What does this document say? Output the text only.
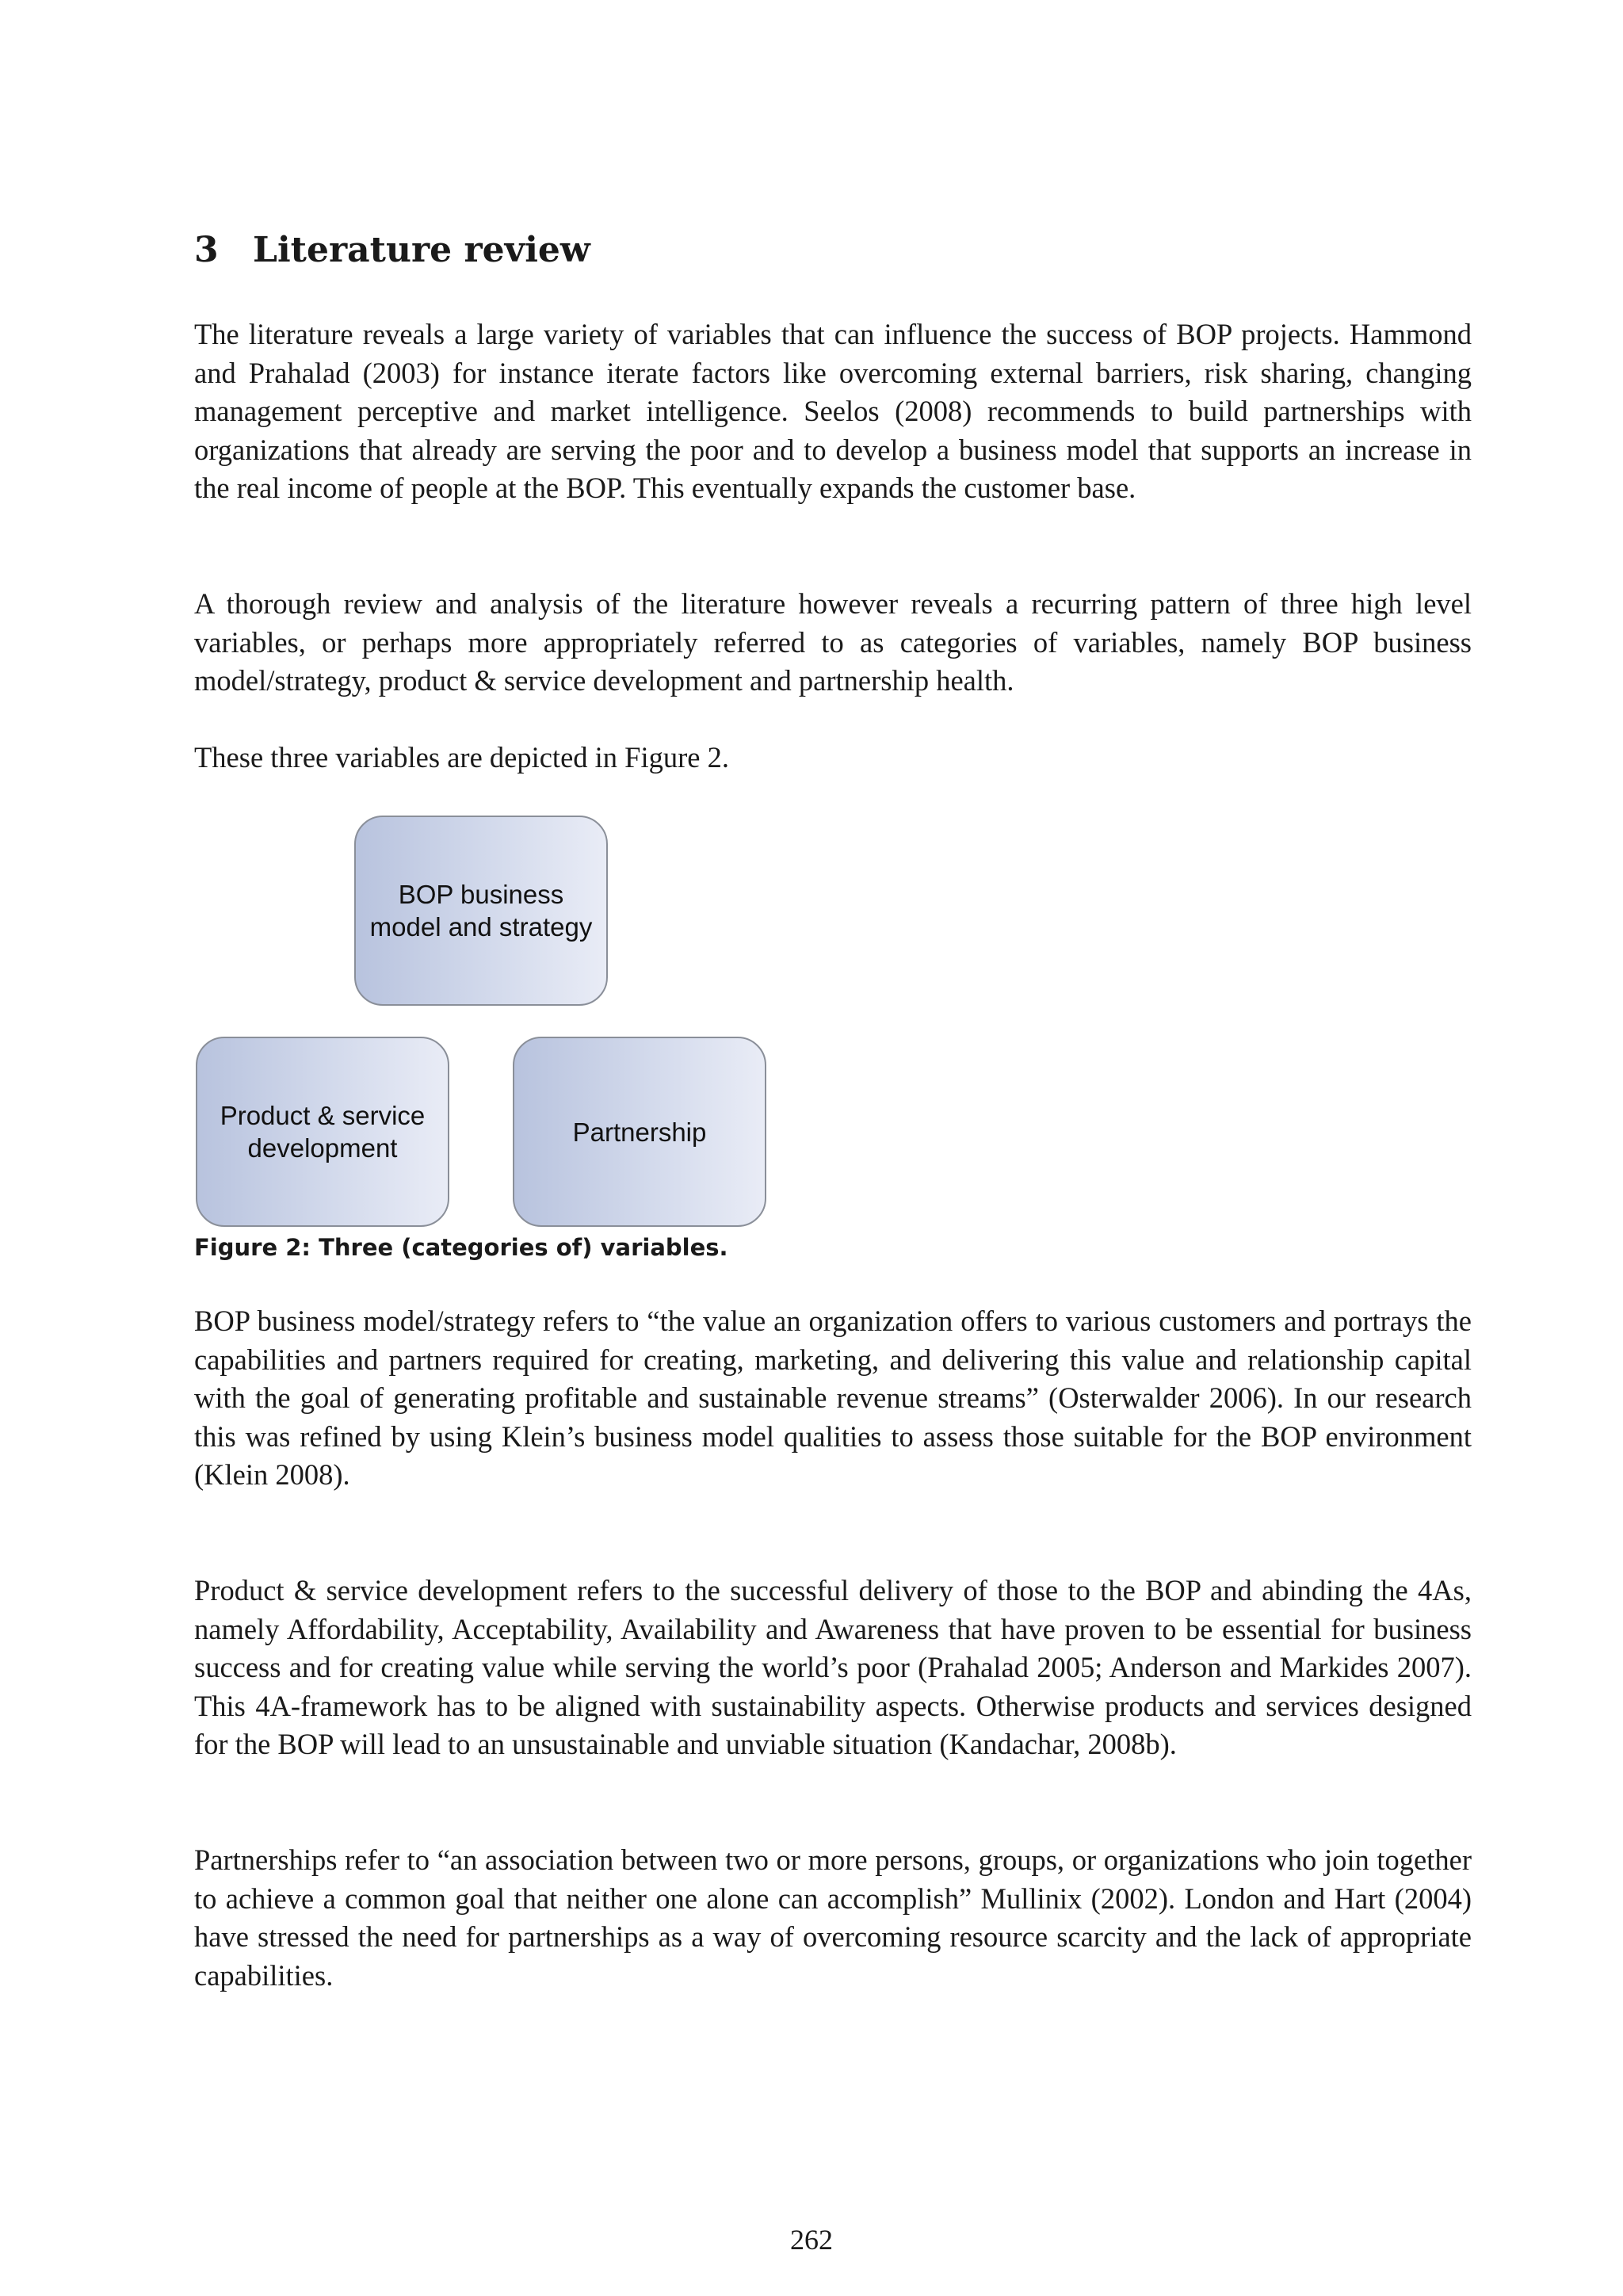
3 Literature review

The literature reveals a large variety of variables that can influence the success of BOP projects. Hammond and Prahalad (2003) for instance iterate factors like overcoming external barriers, risk sharing, changing management perceptive and market intelligence. Seelos (2008) recommends to build partnerships with organizations that already are serving the poor and to develop a business model that supports an increase in the real income of people at the BOP. This eventually expands the customer base.

A thorough review and analysis of the literature however reveals a recurring pattern of three high level variables, or perhaps more appropriately referred to as categories of variables, namely BOP business model/strategy, product & service development and partnership health.

These three variables are depicted in Figure 2.

BOP business model and strategy
Product & service development
Partnership

Figure 2: Three (categories of) variables.

BOP business model/strategy refers to “the value an organization offers to various customers and portrays the capabilities and partners required for creating, marketing, and delivering this value and relationship capital with the goal of generating profitable and sustainable revenue streams” (Osterwalder 2006). In our research this was refined by using Klein’s business model qualities to assess those suitable for the BOP environment (Klein 2008).

Product & service development refers to the successful delivery of those to the BOP and abinding the 4As, namely Affordability, Acceptability, Availability and Awareness that have proven to be essential for business success and for creating value while serving the world’s poor (Prahalad 2005; Anderson and Markides 2007). This 4A-framework has to be aligned with sustainability aspects. Otherwise products and services designed for the BOP will lead to an unsustainable and unviable situation (Kandachar, 2008b).

Partnerships refer to “an association between two or more persons, groups, or organizations who join together to achieve a common goal that neither one alone can accomplish” Mullinix (2002). London and Hart (2004) have stressed the need for partnerships as a way of overcoming resource scarcity and the lack of appropriate capabilities.

262
